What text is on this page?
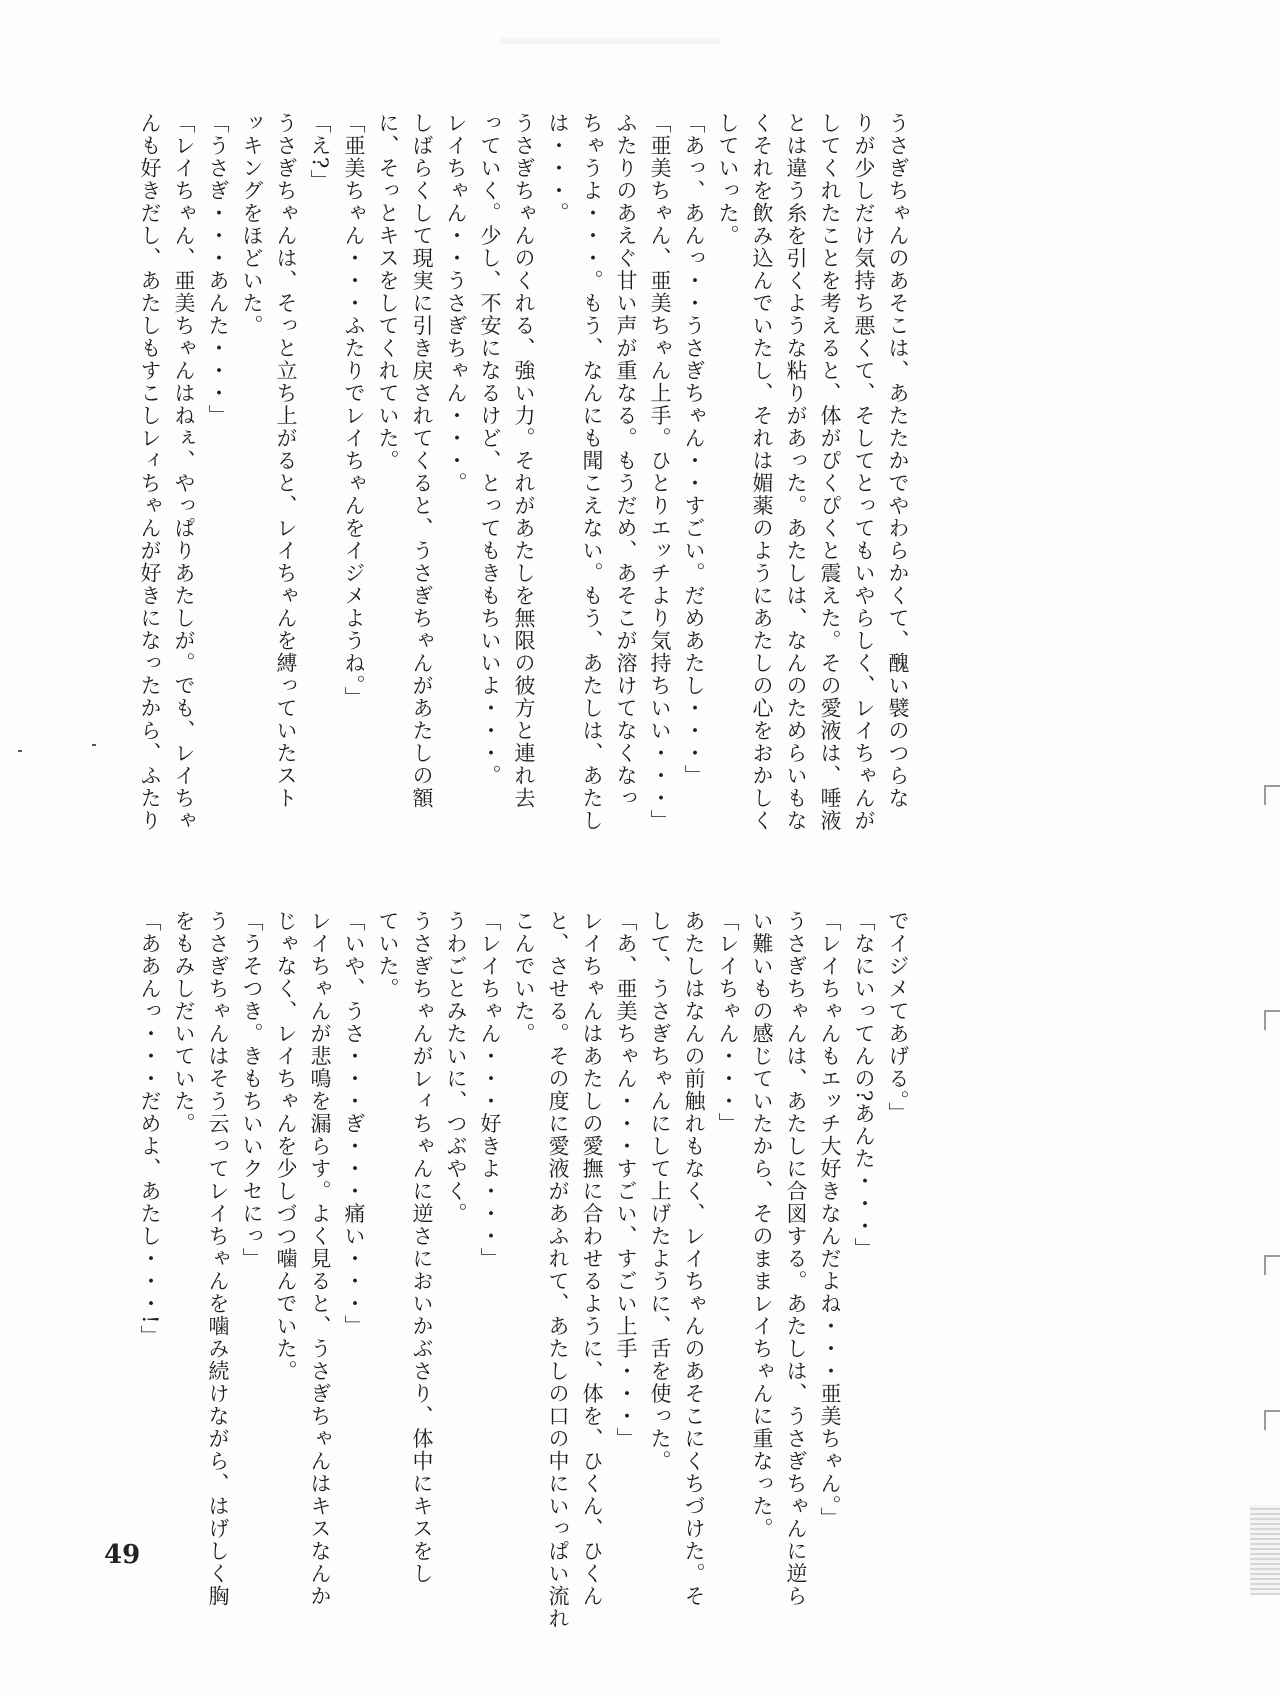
うさぎちゃんのあそこは、あたたかでやわらかくて、醜い襞のつらな
りが少しだけ気持ち悪くて、そしてとってもいやらしく、レイちゃんが
してくれたことを考えると、体がぴくぴくと震えた。その愛液は、唾液
とは違う糸を引くような粘りがあった。あたしは、なんのためらいもな
くそれを飲み込んでいたし、それは媚薬のようにあたしの心をおかしく
していった。
「あっ、あんっ・・うさぎちゃん・・すごい。だめあたし・・・」
「亜美ちゃん、亜美ちゃん上手。ひとりエッチより気持ちいい・・・」
ふたりのあえぐ甘い声が重なる。もうだめ、あそこが溶けてなくなっ
ちゃうよ・・・。もう、なんにも聞こえない。もう、あたしは、あたし
は・・・。
うさぎちゃんのくれる、強い力。それがあたしを無限の彼方と連れ去
っていく。少し、不安になるけど、とってもきもちいいよ・・・。
レイちゃん・・うさぎちゃん・・・。
しばらくして現実に引き戻されてくると、うさぎちゃんがあたしの額
に、そっとキスをしてくれていた。
「亜美ちゃん・・・ふたりでレイちゃんをイジメようね。」
「え?」
うさぎちゃんは、そっと立ち上がると、レイちゃんを縛っていたスト
ッキングをほどいた。
「うさぎ・・・あんた・・・」
「レイちゃん、亜美ちゃんはねぇ、やっぱりあたしが。でも、レイちゃ
んも好きだし、あたしもすこしレィちゃんが好きになったから、ふたり
でイジメてあげる。」
「なにいってんの?あんた・・・」
「レイちゃんもエッチ大好きなんだよね・・・亜美ちゃん。」
うさぎちゃんは、あたしに合図する。あたしは、うさぎちゃんに逆ら
い難いもの感じていたから、そのままレイちゃんに重なった。
「レイちゃん・・・」
あたしはなんの前触れもなく、レイちゃんのあそこにくちづけた。そ
して、うさぎちゃんにして上げたように、舌を使った。
「あ、亜美ちゃん・・・すごい、すごい上手・・・」
レイちゃんはあたしの愛撫に合わせるように、体を、ひくん、ひくん
と、させる。その度に愛液があふれて、あたしの口の中にいっぱい流れ
こんでいた。
「レイちゃん・・・好きよ・・・」
うわごとみたいに、つぶやく。
うさぎちゃんがレィちゃんに逆さにおいかぶさり、体中にキスをし
ていた。
「いや、うさ・・・ぎ・・・痛い・・・」
レイちゃんが悲鳴を漏らす。よく見ると、うさぎちゃんはキスなんか
じゃなく、レイちゃんを少しづつ噛んでいた。
「うそつき。きもちいいクセにっ」
うさぎちゃんはそう云ってレイちゃんを噛み続けながら、はげしく胸
をもみしだいていた。
「ああんっ・・・だめよ、あたし・・・!」
49
